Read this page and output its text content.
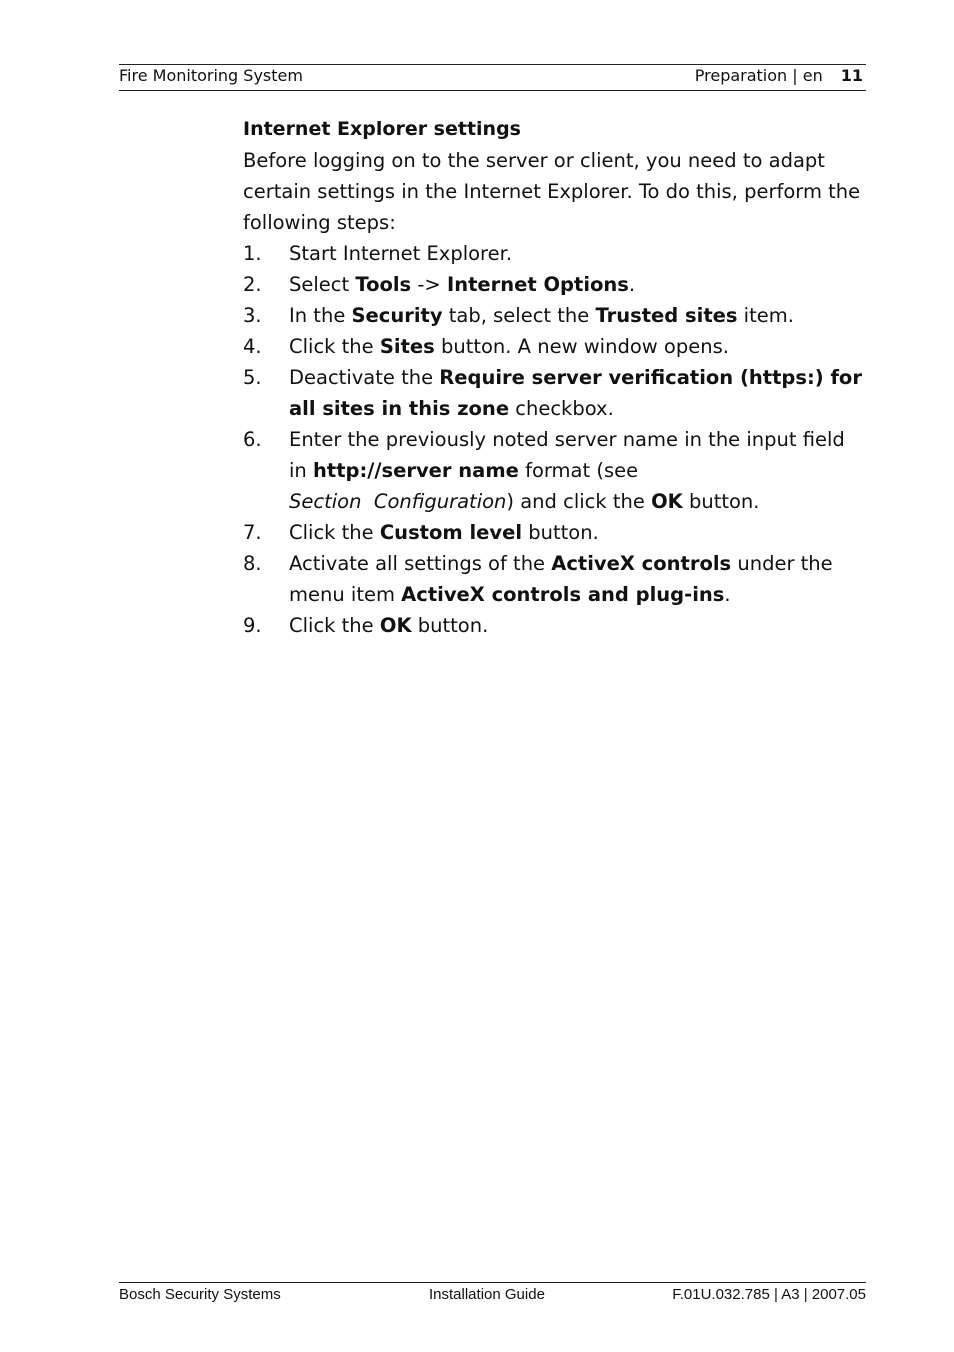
Fire Monitoring System	Preparation | en 11

Internet Explorer settings

Before logging on to the server or client, you need to adapt certain settings in the Internet Explorer. To do this, perform the following steps:

1. Start Internet Explorer.
2. Select Tools -> Internet Options.
3. In the Security tab, select the Trusted sites item.
4. Click the Sites button. A new window opens.
5. Deactivate the Require server verification (https:) for all sites in this zone checkbox.
6. Enter the previously noted server name in the input field in http://server name format (see Section  Configuration) and click the OK button.
7. Click the Custom level button.
8. Activate all settings of the ActiveX controls under the menu item ActiveX controls and plug-ins.
9. Click the OK button.
Bosch Security Systems	Installation Guide	F.01U.032.785 | A3 | 2007.05
